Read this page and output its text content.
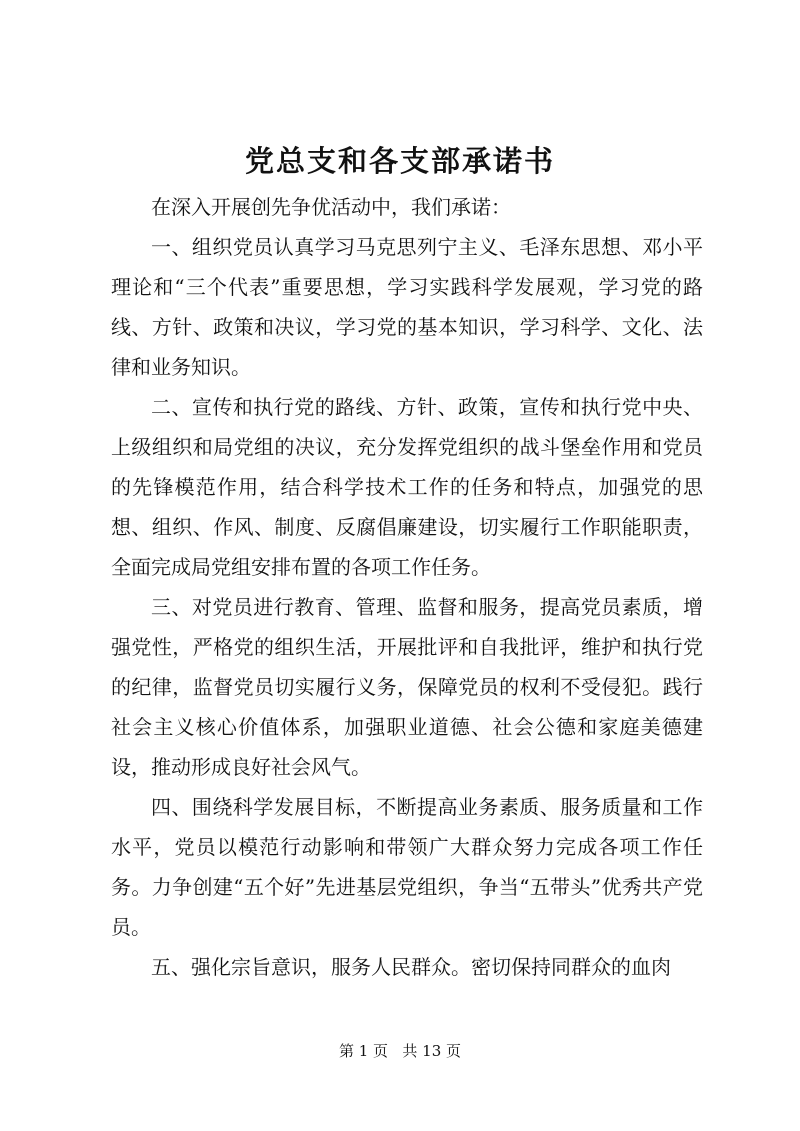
党总支和各支部承诺书

在深入开展创先争优活动中，我们承诺：

一、组织党员认真学习马克思列宁主义、毛泽东思想、邓小平理论和“三个代表”重要思想，学习实践科学发展观，学习党的路线、方针、政策和决议，学习党的基本知识，学习科学、文化、法律和业务知识。

二、宣传和执行党的路线、方针、政策，宣传和执行党中央、上级组织和局党组的决议，充分发挥党组织的战斗堡垒作用和党员的先锋模范作用，结合科学技术工作的任务和特点，加强党的思想、组织、作风、制度、反腐倡廉建设，切实履行工作职能职责，全面完成局党组安排布置的各项工作任务。

三、对党员进行教育、管理、监督和服务，提高党员素质，增强党性，严格党的组织生活，开展批评和自我批评，维护和执行党的纪律，监督党员切实履行义务，保障党员的权利不受侵犯。践行社会主义核心价值体系，加强职业道德、社会公德和家庭美德建设，推动形成良好社会风气。

四、围绕科学发展目标，不断提高业务素质、服务质量和工作水平，党员以模范行动影响和带领广大群众努力完成各项工作任务。力争创建“五个好”先进基层党组织，争当“五带头”优秀共产党员。

五、强化宗旨意识，服务人民群众。密切保持同群众的血肉

第 1 页 共 13 页
